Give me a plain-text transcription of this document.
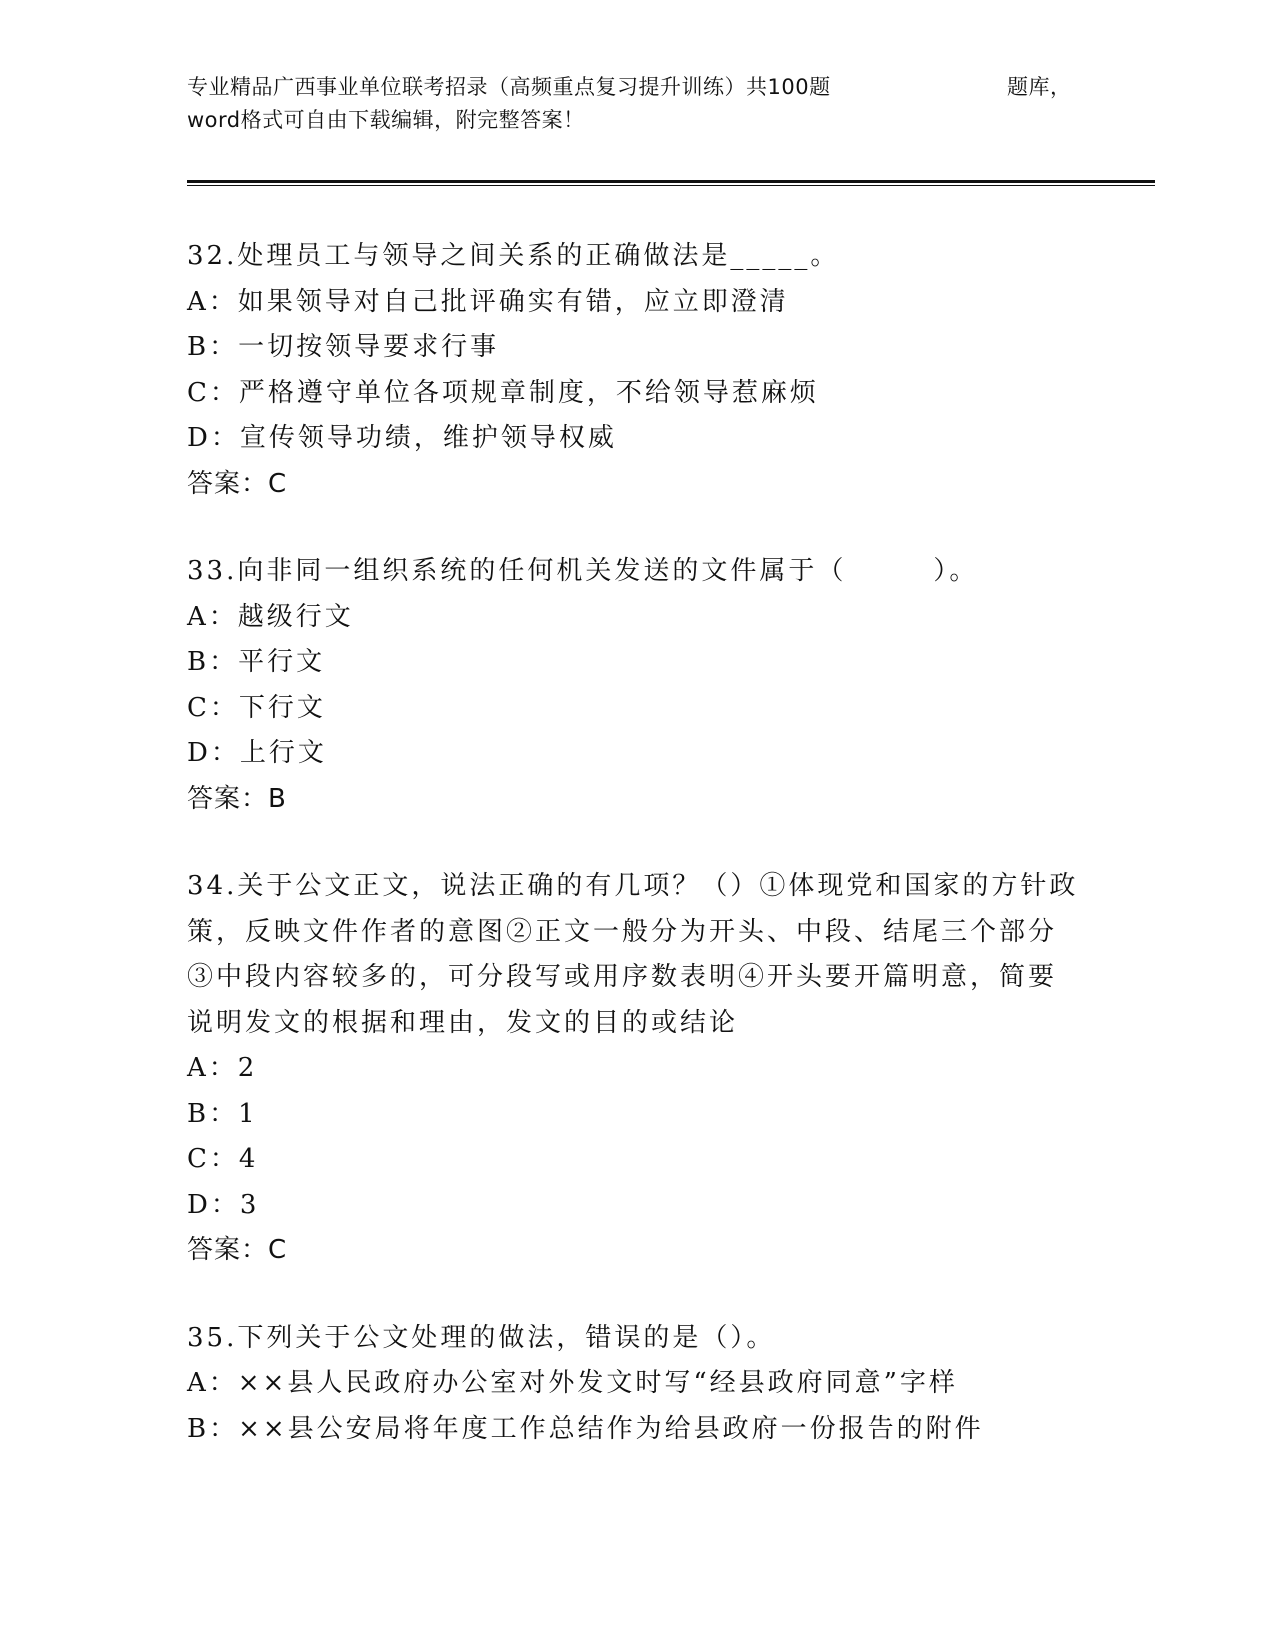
专业精品广西事业单位联考招录（高频重点复习提升训练）共100题	题库，
word格式可自由下载编辑，附完整答案！
32.处理员工与领导之间关系的正确做法是_____。
A：如果领导对自己批评确实有错，应立即澄清
B：一切按领导要求行事
C：严格遵守单位各项规章制度，不给领导惹麻烦
D：宣传领导功绩，维护领导权威
答案：C
33.向非同一组织系统的任何机关发送的文件属于（　　　）。
A：越级行文
B：平行文
C：下行文
D：上行文
答案：B
34.关于公文正文，说法正确的有几项？（）①体现党和国家的方针政
策，反映文件作者的意图②正文一般分为开头、中段、结尾三个部分
③中段内容较多的，可分段写或用序数表明④开头要开篇明意，简要
说明发文的根据和理由，发文的目的或结论
A：2
B：1
C：4
D：3
答案：C
35.下列关于公文处理的做法，错误的是（）。
A：××县人民政府办公室对外发文时写“经县政府同意”字样
B：××县公安局将年度工作总结作为给县政府一份报告的附件
